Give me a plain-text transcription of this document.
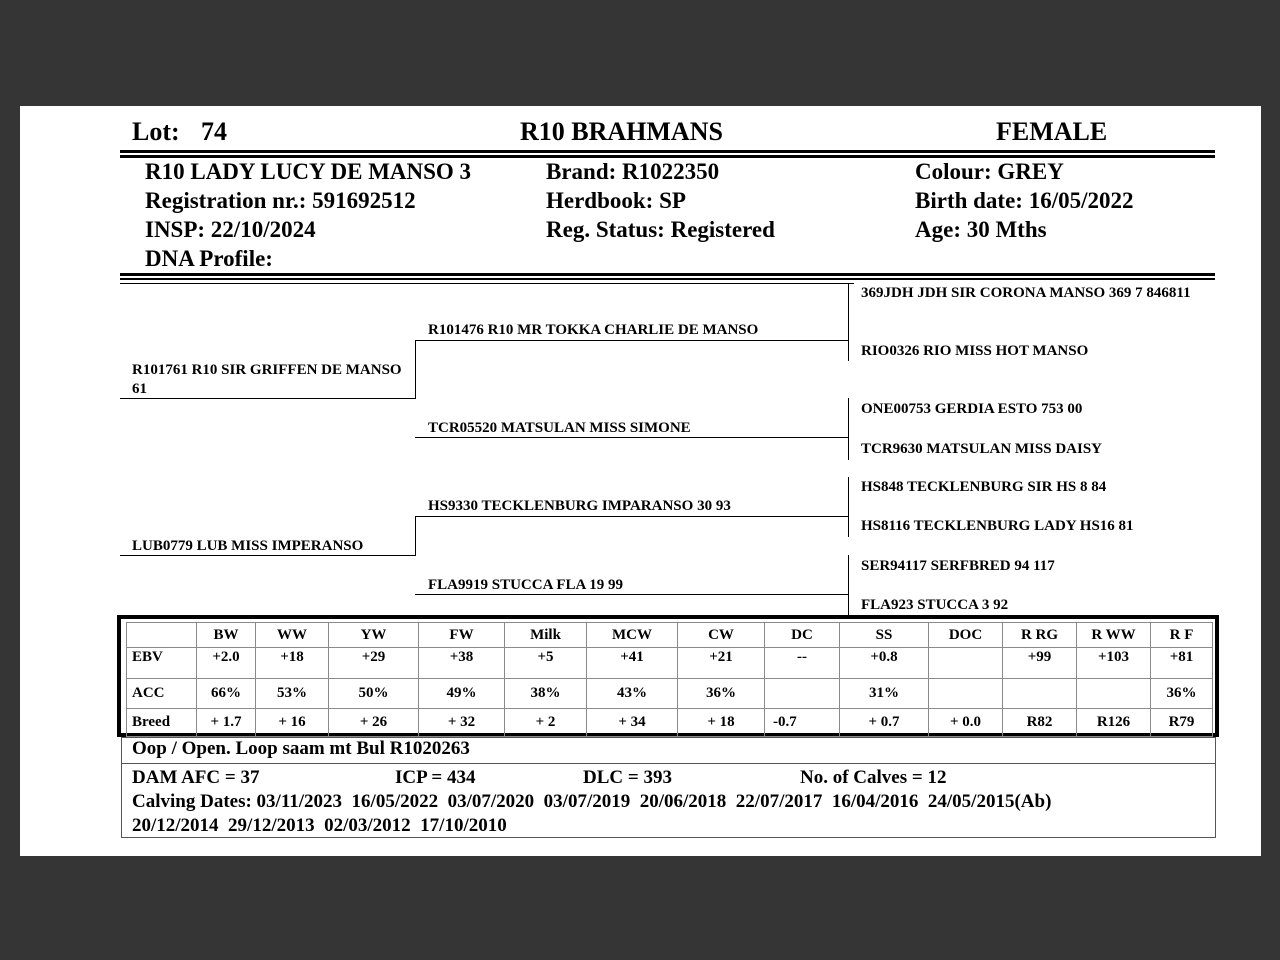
Lot: 74	R10 BRAHMANS	FEMALE
R10 LADY LUCY DE MANSO 3
Registration nr.: 591692512
INSP: 22/10/2024
DNA Profile:
Brand: R1022350
Herdbook: SP
Reg. Status: Registered
Colour: GREY
Birth date: 16/05/2022
Age: 30 Mths
R101761 R10 SIR GRIFFEN DE MANSO 61
LUB0779 LUB MISS IMPERANSO
R101476 R10 MR TOKKA CHARLIE DE MANSO
TCR05520 MATSULAN MISS SIMONE
HS9330 TECKLENBURG IMPARANSO 30 93
FLA9919 STUCCA FLA 19 99
369JDH JDH SIR CORONA MANSO 369 7 846811
RIO0326 RIO MISS HOT MANSO
ONE00753 GERDIA ESTO 753 00
TCR9630 MATSULAN MISS DAISY
HS848 TECKLENBURG SIR HS 8 84
HS8116 TECKLENBURG LADY HS16 81
SER94117 SERFBRED 94 117
FLA923 STUCCA 3 92
	BW	WW	YW	FW	Milk	MCW	CW	DC	SS	DOC	R RG	R WW	R F
EBV	+2.0	+18	+29	+38	+5	+41	+21	--	+0.8		+99	+103	+81
ACC	66%	53%	50%	49%	38%	43%	36%		31%				36%
Breed	+ 1.7	+ 16	+ 26	+ 32	+ 2	+ 34	+ 18	-0.7	+ 0.7	+ 0.0	R82	R126	R79
Oop / Open. Loop saam mt Bul R1020263
DAM AFC = 37	ICP = 434	DLC = 393	No. of Calves = 12
Calving Dates: 03/11/2023  16/05/2022  03/07/2020  03/07/2019  20/06/2018  22/07/2017  16/04/2016  24/05/2015(Ab)
20/12/2014  29/12/2013  02/03/2012  17/10/2010
